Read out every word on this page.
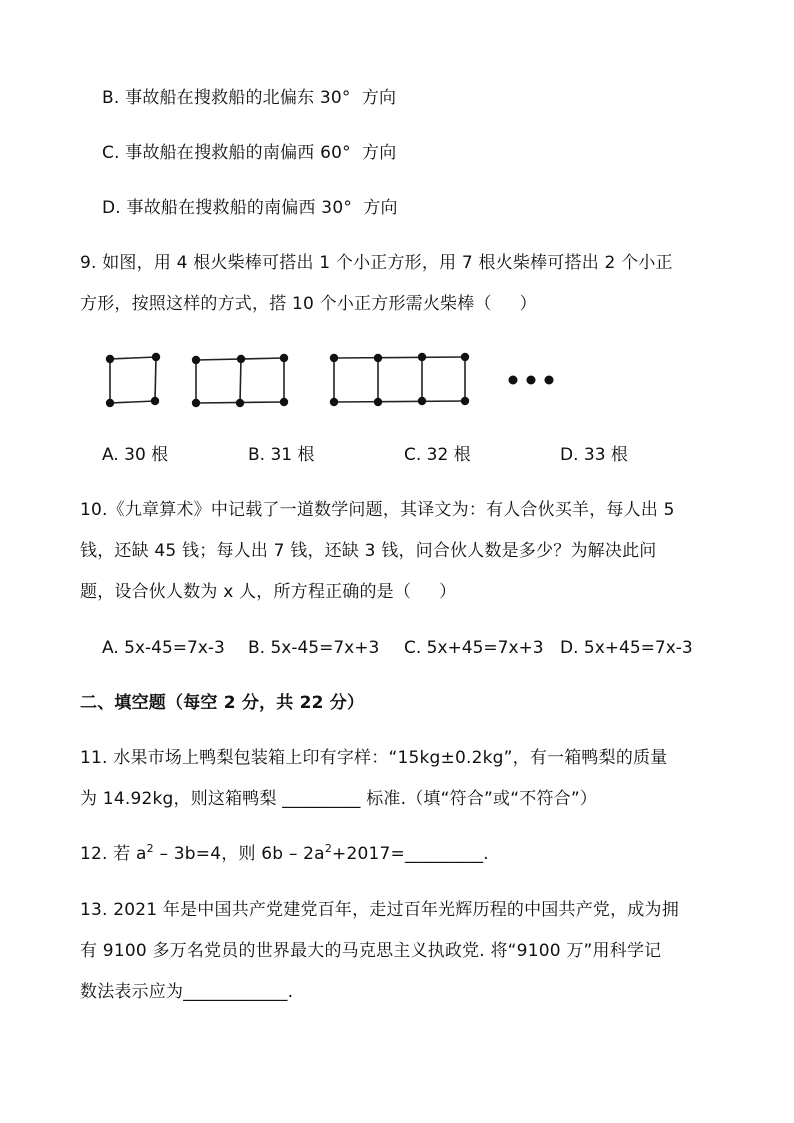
B. 事故船在搜救船的北偏东 30°  方向
C. 事故船在搜救船的南偏西 60°  方向
D. 事故船在搜救船的南偏西 30°  方向
9. 如图，用 4 根火柴棒可搭出 1 个小正方形，用 7 根火柴棒可搭出 2 个小正
方形，按照这样的方式，搭 10 个小正方形需火柴棒（     ）

A. 30 根

	B. 31 根

	C. 32 根

	D. 33 根

10.《九章算术》中记载了一道数学问题，其译文为：有人合伙买羊，每人出 5
钱，还缺 45 钱；每人出 7 钱，还缺 3 钱，问合伙人数是多少？为解决此问
题，设合伙人数为 x 人，所方程正确的是（     ）

A. 5x-45=7x-3

B. 5x-45=7x+3

C. 5x+45=7x+3

D. 5x+45=7x-3

二、填空题（每空 2 分，共 22 分）
11. 水果市场上鸭梨包装箱上印有字样：“15kg±0.2kg”，有一箱鸭梨的质量
为 14.92kg，则这箱鸭梨 _________ 标准.（填“符合”或“不符合”）
12. 若 $a^2 - 3b=4$，则 $6b - 2a^2+2017=\_\_\_\_\_\_\_\_\_$.
13. 2021 年是中国共产党建党百年，走过百年光辉历程的中国共产党，成为拥
有 9100 多万名党员的世界最大的马克思主义执政党. 将“9100 万”用科学记
数法表示应为____________.
